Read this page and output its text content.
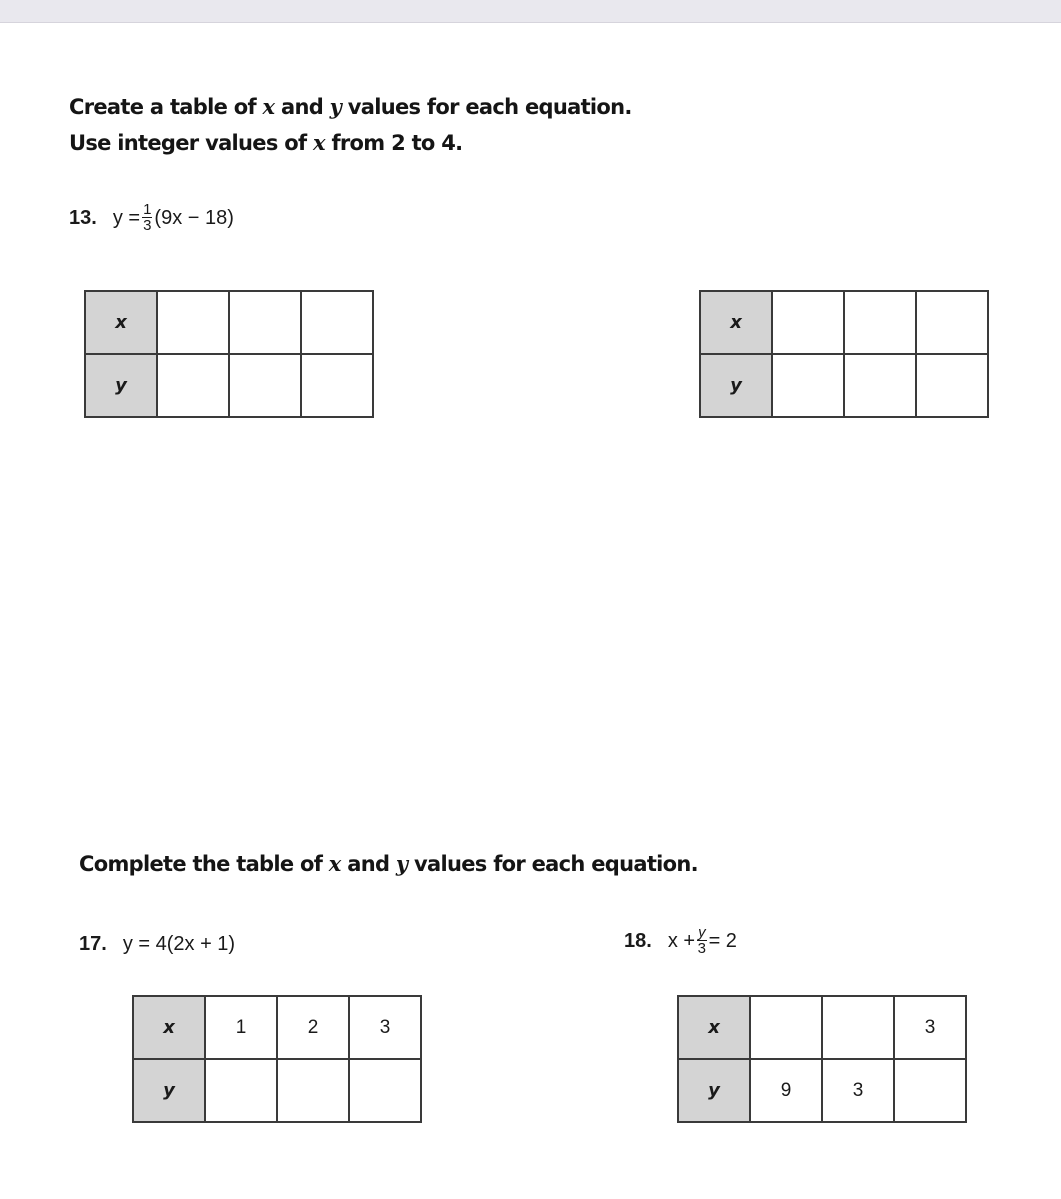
Create a table of x and y values for each equation.
Use integer values of x from 2 to 4.

13. $y = \frac{1}{3} (9x - 18)$
x			
y			
x			
y			

Complete the table of x and y values for each equation.

17. y = 4(2x + 1)	18. $x + \frac{y}{3} = 2$
x	1	2	3
y			
x			3
y	9	3	
